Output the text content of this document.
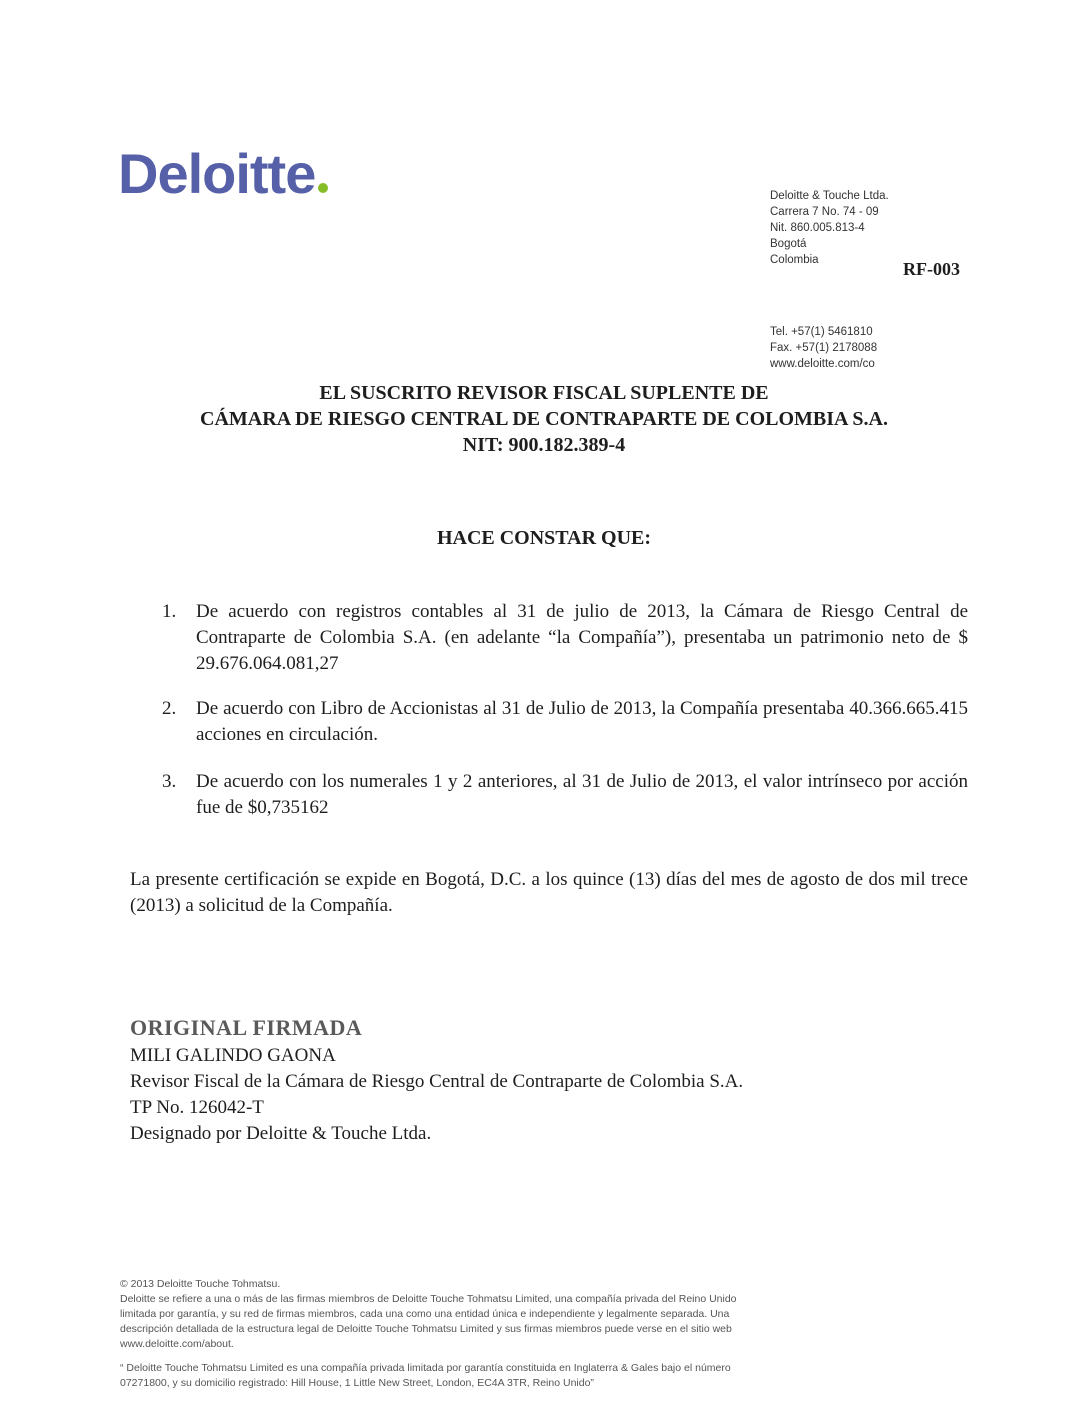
Deloitte	Deloitte & Touche Ltda.
Carrera 7 No. 74 - 09
Nit. 860.005.813-4
Bogotá
Colombia	RF-003
Tel. +57(1) 5461810
Fax. +57(1) 2178088
www.deloitte.com/co
EL SUSCRITO REVISOR FISCAL SUPLENTE DE
CÁMARA DE RIESGO CENTRAL DE CONTRAPARTE DE COLOMBIA S.A.
NIT: 900.182.389-4
HACE CONSTAR QUE:
1. De acuerdo con registros contables al 31 de julio de 2013, la Cámara de Riesgo Central de Contraparte de Colombia S.A. (en adelante “la Compañía”), presentaba un patrimonio neto de $ 29.676.064.081,27
2. De acuerdo con Libro de Accionistas al 31 de Julio de 2013, la Compañía presentaba 40.366.665.415 acciones en circulación.
3. De acuerdo con los numerales 1 y 2 anteriores, al 31 de Julio de 2013, el valor intrínseco por acción fue de $0,735162
La presente certificación se expide en Bogotá, D.C. a los quince (13) días del mes de agosto de dos mil trece (2013) a solicitud de la Compañía.
ORIGINAL FIRMADA
MILI GALINDO GAONA
Revisor Fiscal de la Cámara de Riesgo Central de Contraparte de Colombia S.A.
TP No. 126042-T
Designado por Deloitte & Touche Ltda.

© 2013 Deloitte Touche Tohmatsu.

Deloitte se refiere a una o más de las firmas miembros de Deloitte Touche Tohmatsu Limited, una compañía privada del Reino Unido limitada por garantía, y su red de firmas miembros, cada una como una entidad única e independiente y legalmente separada. Una descripción detallada de la estructura legal de Deloitte Touche Tohmatsu Limited y sus firmas miembros puede verse en el sitio web www.deloitte.com/about.

“ Deloitte Touche Tohmatsu Limited es una compañía privada limitada por garantía constituida en Inglaterra & Gales bajo el número 07271800, y su domicilio registrado: Hill House, 1 Little New Street, London, EC4A 3TR, Reino Unido”
